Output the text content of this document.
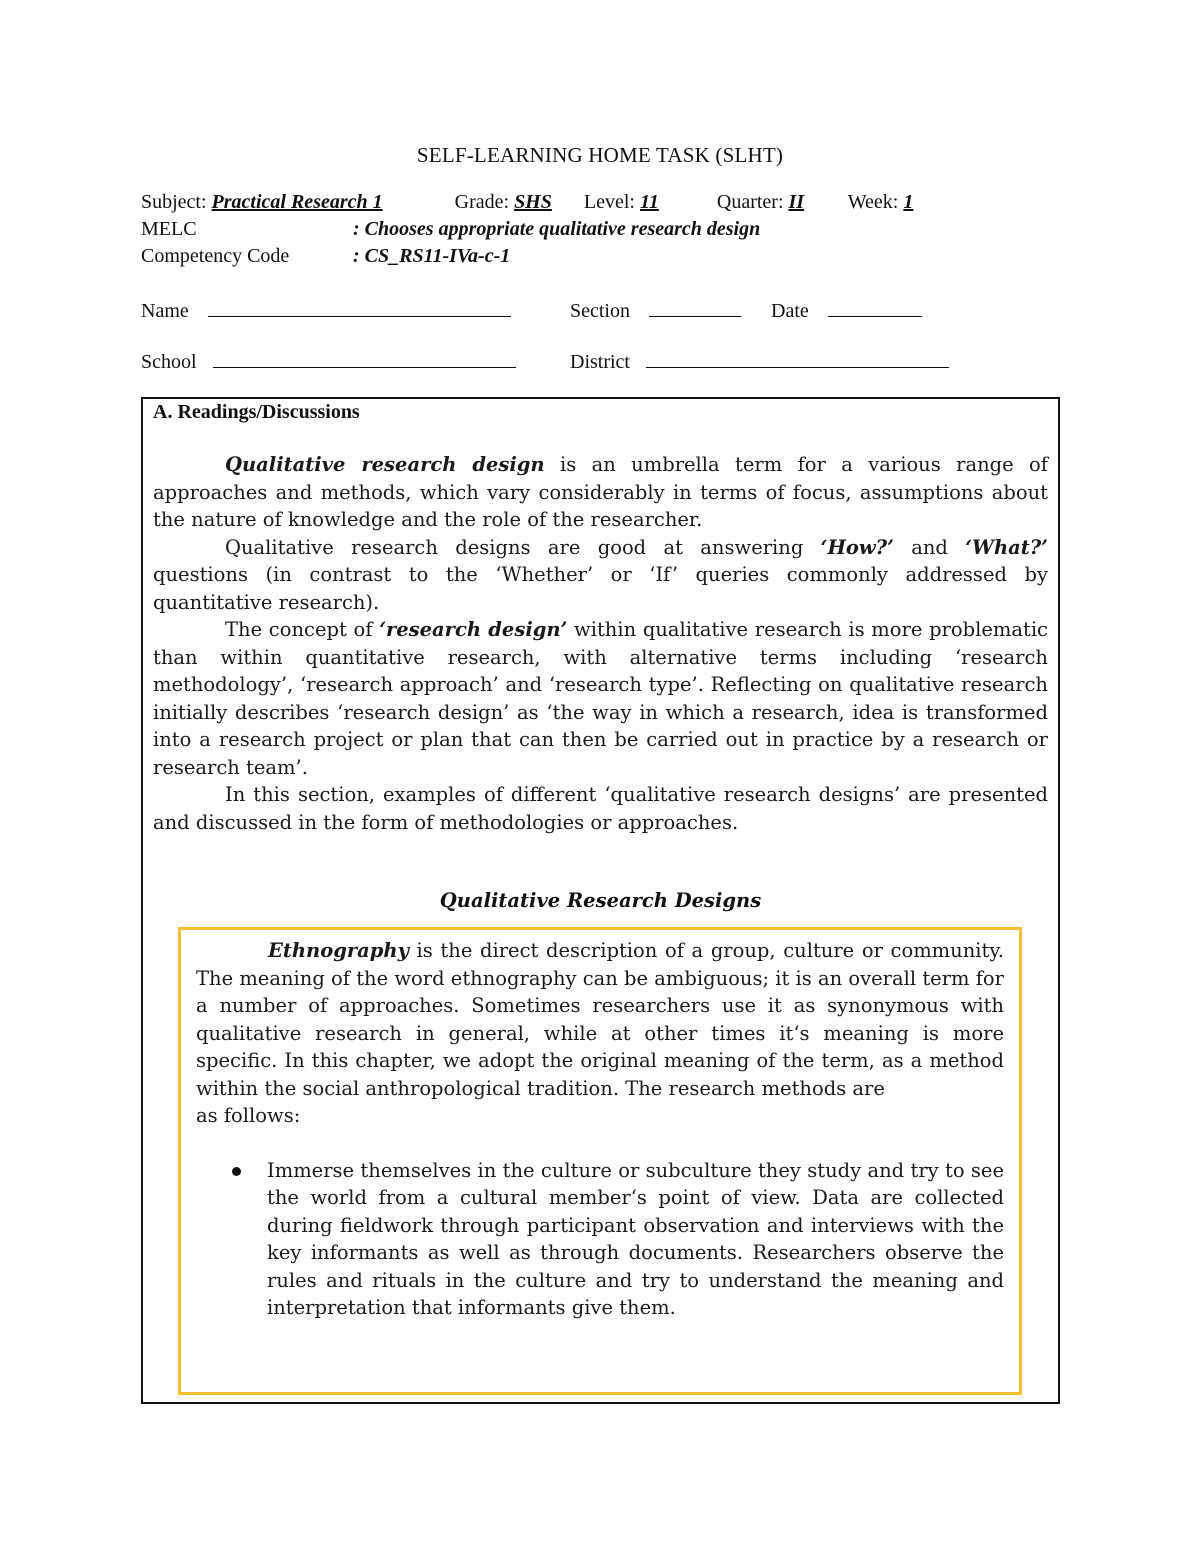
SELF-LEARNING HOME TASK (SLHT)
Subject: Practical Research 1	Grade: SHS Level: 11	Quarter: II Week: 1
MELC	: Chooses appropriate qualitative research design
Competency Code	: CS_RS11-IVa-c-1
Name	Section	Date
School	District
A. Readings/Discussions

Qualitative research design is an umbrella term for a various range of approaches and methods, which vary considerably in terms of focus, assumptions about the nature of knowledge and the role of the researcher.

Qualitative research designs are good at answering ‘How?’ and ‘What?’ questions (in contrast to the ‘Whether’ or ‘If’ queries commonly addressed by quantitative research).

The concept of ‘research design’ within qualitative research is more problematic than within quantitative research, with alternative terms including ‘research methodology’, ‘research approach’ and ‘research type’. Reflecting on qualitative research initially describes ‘research design’ as ‘the way in which a research, idea is transformed into a research project or plan that can then be carried out in practice by a research or research team’.

In this section, examples of different ‘qualitative research designs’ are presented and discussed in the form of methodologies or approaches.

Qualitative Research Designs

Ethnography is the direct description of a group, culture or community. The meaning of the word ethnography can be ambiguous; it is an overall term for a number of approaches. Sometimes researchers use it as synonymous with qualitative research in general, while at other times it‘s meaning is more specific. In this chapter, we adopt the original meaning of the term, as a method within the social anthropological tradition. The research methods are

as follows:

Immerse themselves in the culture or subculture they study and try to see the world from a cultural member‘s point of view. Data are collected during fieldwork through participant observation and interviews with the key informants as well as through documents. Researchers observe the rules and rituals in the culture and try to understand the meaning and interpretation that informants give them.
